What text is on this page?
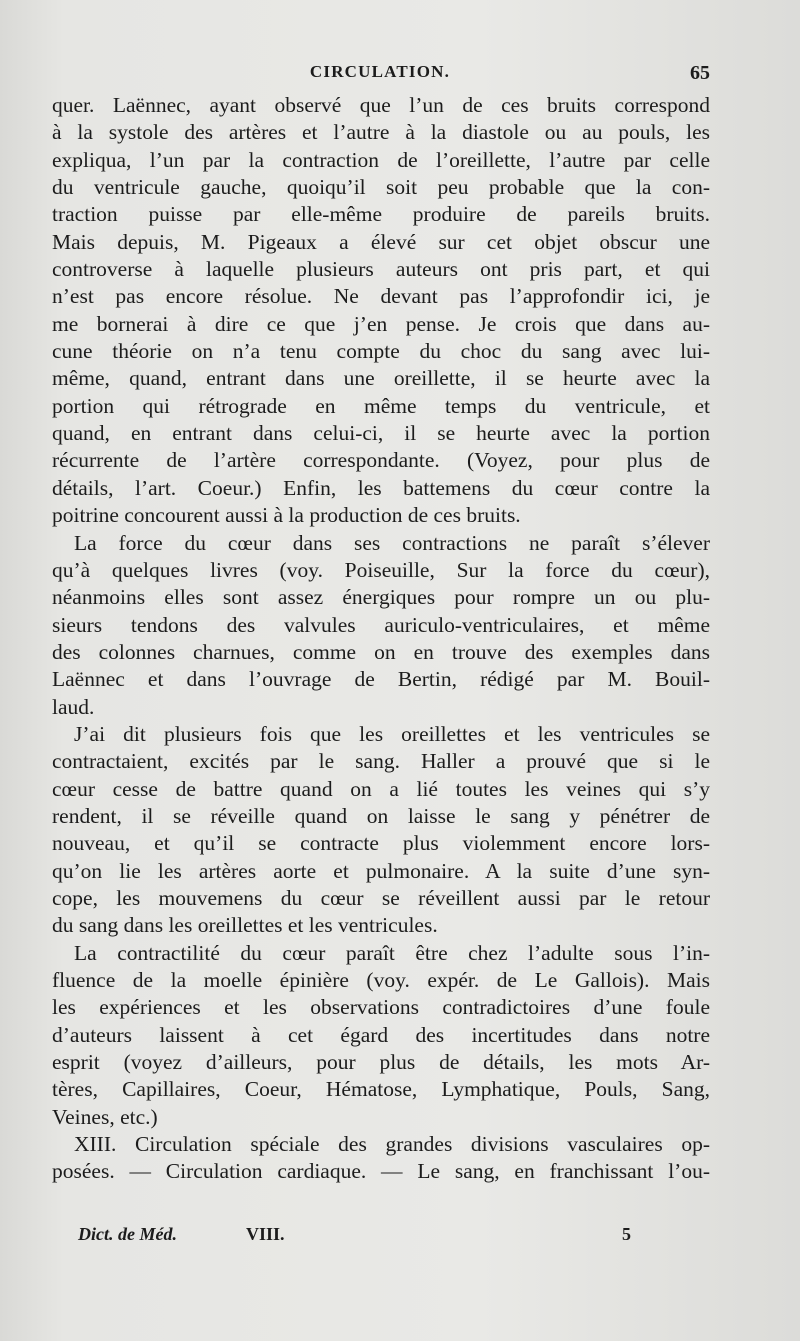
CIRCULATION.	65
quer. Laënnec, ayant observé que l’un de ces bruits correspond
à la systole des artères et l’autre à la diastole ou au pouls, les
expliqua, l’un par la contraction de l’oreillette, l’autre par celle
du ventricule gauche, quoiqu’il soit peu probable que la con-
traction puisse par elle-même produire de pareils bruits.
Mais depuis, M. Pigeaux a élevé sur cet objet obscur une
controverse à laquelle plusieurs auteurs ont pris part, et qui
n’est pas encore résolue. Ne devant pas l’approfondir ici, je
me bornerai à dire ce que j’en pense. Je crois que dans au-
cune théorie on n’a tenu compte du choc du sang avec lui-
même, quand, entrant dans une oreillette, il se heurte avec la
portion qui rétrograde en même temps du ventricule, et
quand, en entrant dans celui-ci, il se heurte avec la portion
récurrente de l’artère correspondante. (Voyez, pour plus de
détails, l’art. Coeur.) Enfin, les battemens du cœur contre la
poitrine concourent aussi à la production de ces bruits.
La force du cœur dans ses contractions ne paraît s’élever
qu’à quelques livres (voy. Poiseuille, Sur la force du cœur),
néanmoins elles sont assez énergiques pour rompre un ou plu-
sieurs tendons des valvules auriculo-ventriculaires, et même
des colonnes charnues, comme on en trouve des exemples dans
Laënnec et dans l’ouvrage de Bertin, rédigé par M. Bouil-
laud.
J’ai dit plusieurs fois que les oreillettes et les ventricules se
contractaient, excités par le sang. Haller a prouvé que si le
cœur cesse de battre quand on a lié toutes les veines qui s’y
rendent, il se réveille quand on laisse le sang y pénétrer de
nouveau, et qu’il se contracte plus violemment encore lors-
qu’on lie les artères aorte et pulmonaire. A la suite d’une syn-
cope, les mouvemens du cœur se réveillent aussi par le retour
du sang dans les oreillettes et les ventricules.
La contractilité du cœur paraît être chez l’adulte sous l’in-
fluence de la moelle épinière (voy. expér. de Le Gallois). Mais
les expériences et les observations contradictoires d’une foule
d’auteurs laissent à cet égard des incertitudes dans notre
esprit (voyez d’ailleurs, pour plus de détails, les mots Ar-
tères, Capillaires, Coeur, Hématose, Lymphatique, Pouls, Sang,
Veines, etc.)
XIII. Circulation spéciale des grandes divisions vasculaires op-
posées. — Circulation cardiaque. — Le sang, en franchissant l’ou-
Dict. de Méd.	VIII.	5
